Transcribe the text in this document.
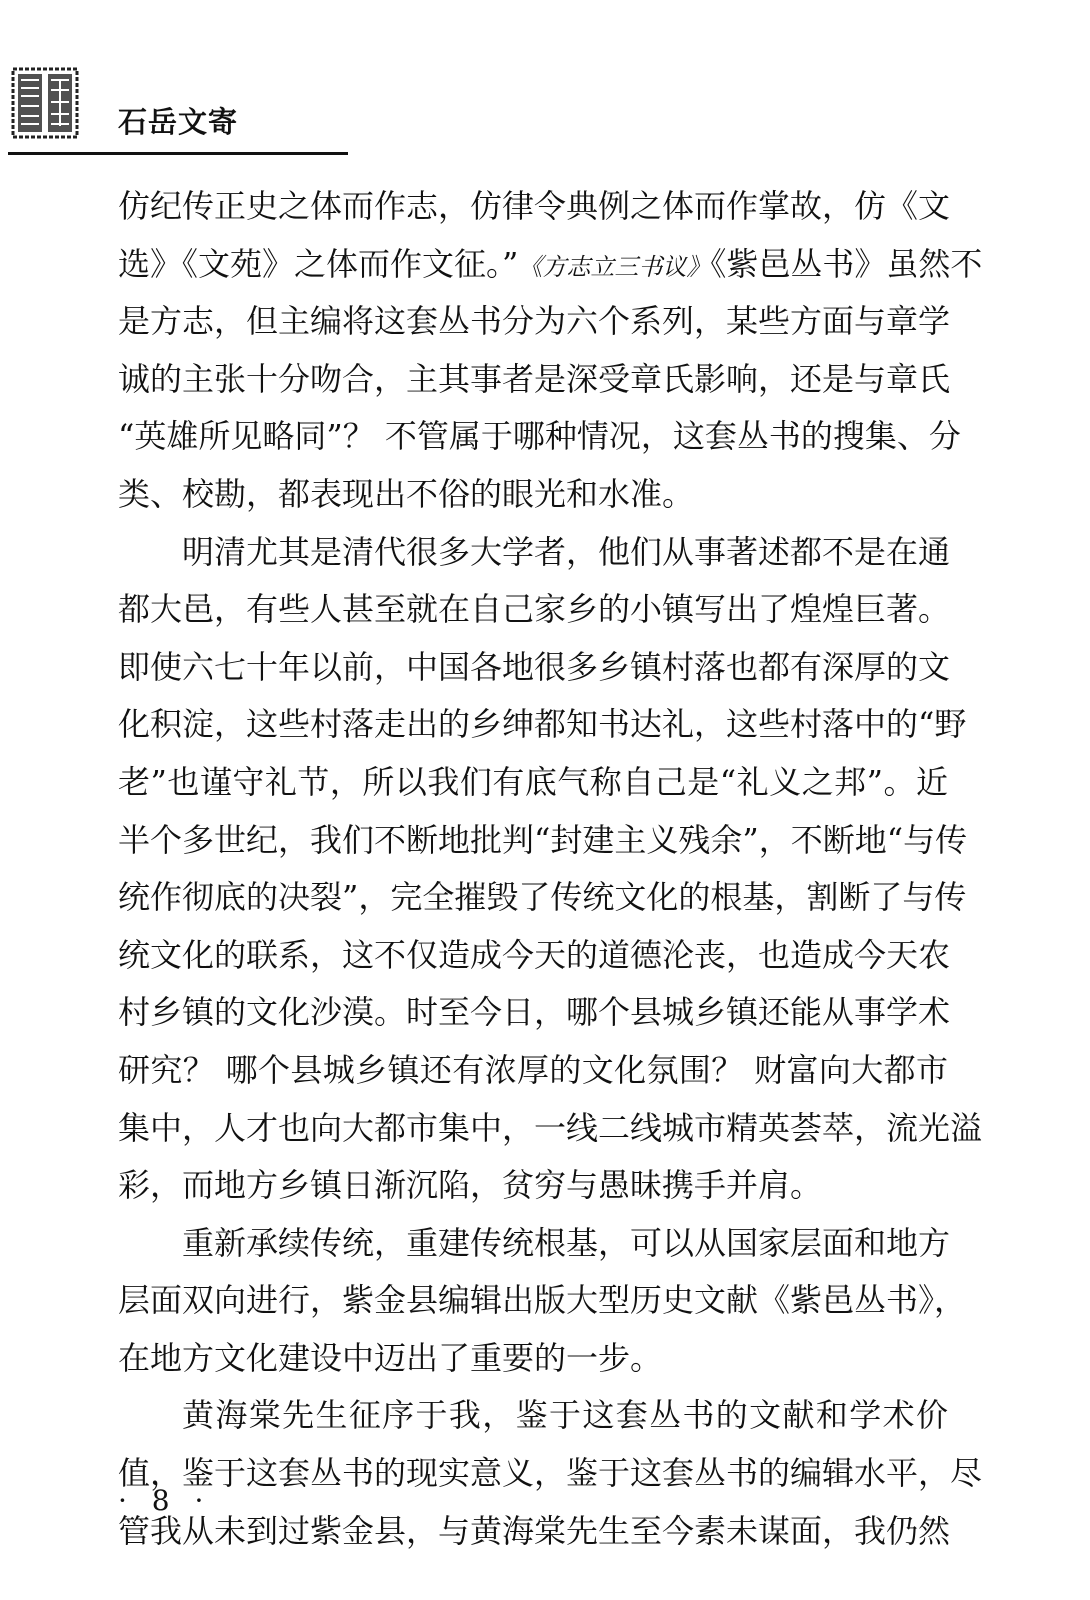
石岳文寄
仿纪传正史之体而作志，仿律令典例之体而作掌故，仿《文
选》《文苑》之体而作文征。”《方志立三书议》《紫邑丛书》虽然不
是方志，但主编将这套丛书分为六个系列，某些方面与章学
诚的主张十分吻合，主其事者是深受章氏影响，还是与章氏
“英雄所见略同”？ 不管属于哪种情况，这套丛书的搜集、分
类、校勘，都表现出不俗的眼光和水准。
明清尤其是清代很多大学者，他们从事著述都不是在通
都大邑，有些人甚至就在自己家乡的小镇写出了煌煌巨著。
即使六七十年以前，中国各地很多乡镇村落也都有深厚的文
化积淀，这些村落走出的乡绅都知书达礼，这些村落中的“野
老”也谨守礼节，所以我们有底气称自己是“礼义之邦”。近
半个多世纪，我们不断地批判“封建主义残余”，不断地“与传
统作彻底的决裂”，完全摧毁了传统文化的根基，割断了与传
统文化的联系，这不仅造成今天的道德沦丧，也造成今天农
村乡镇的文化沙漠。时至今日，哪个县城乡镇还能从事学术
研究？ 哪个县城乡镇还有浓厚的文化氛围？ 财富向大都市
集中，人才也向大都市集中，一线二线城市精英荟萃，流光溢
彩，而地方乡镇日渐沉陷，贫穷与愚昧携手并肩。
重新承续传统，重建传统根基，可以从国家层面和地方
层面双向进行，紫金县编辑出版大型历史文献《紫邑丛书》，
在地方文化建设中迈出了重要的一步。
黄海棠先生征序于我，鉴于这套丛书的文献和学术价
值，鉴于这套丛书的现实意义，鉴于这套丛书的编辑水平，尽
管我从未到过紫金县，与黄海棠先生至今素未谋面，我仍然
· 8 ·
